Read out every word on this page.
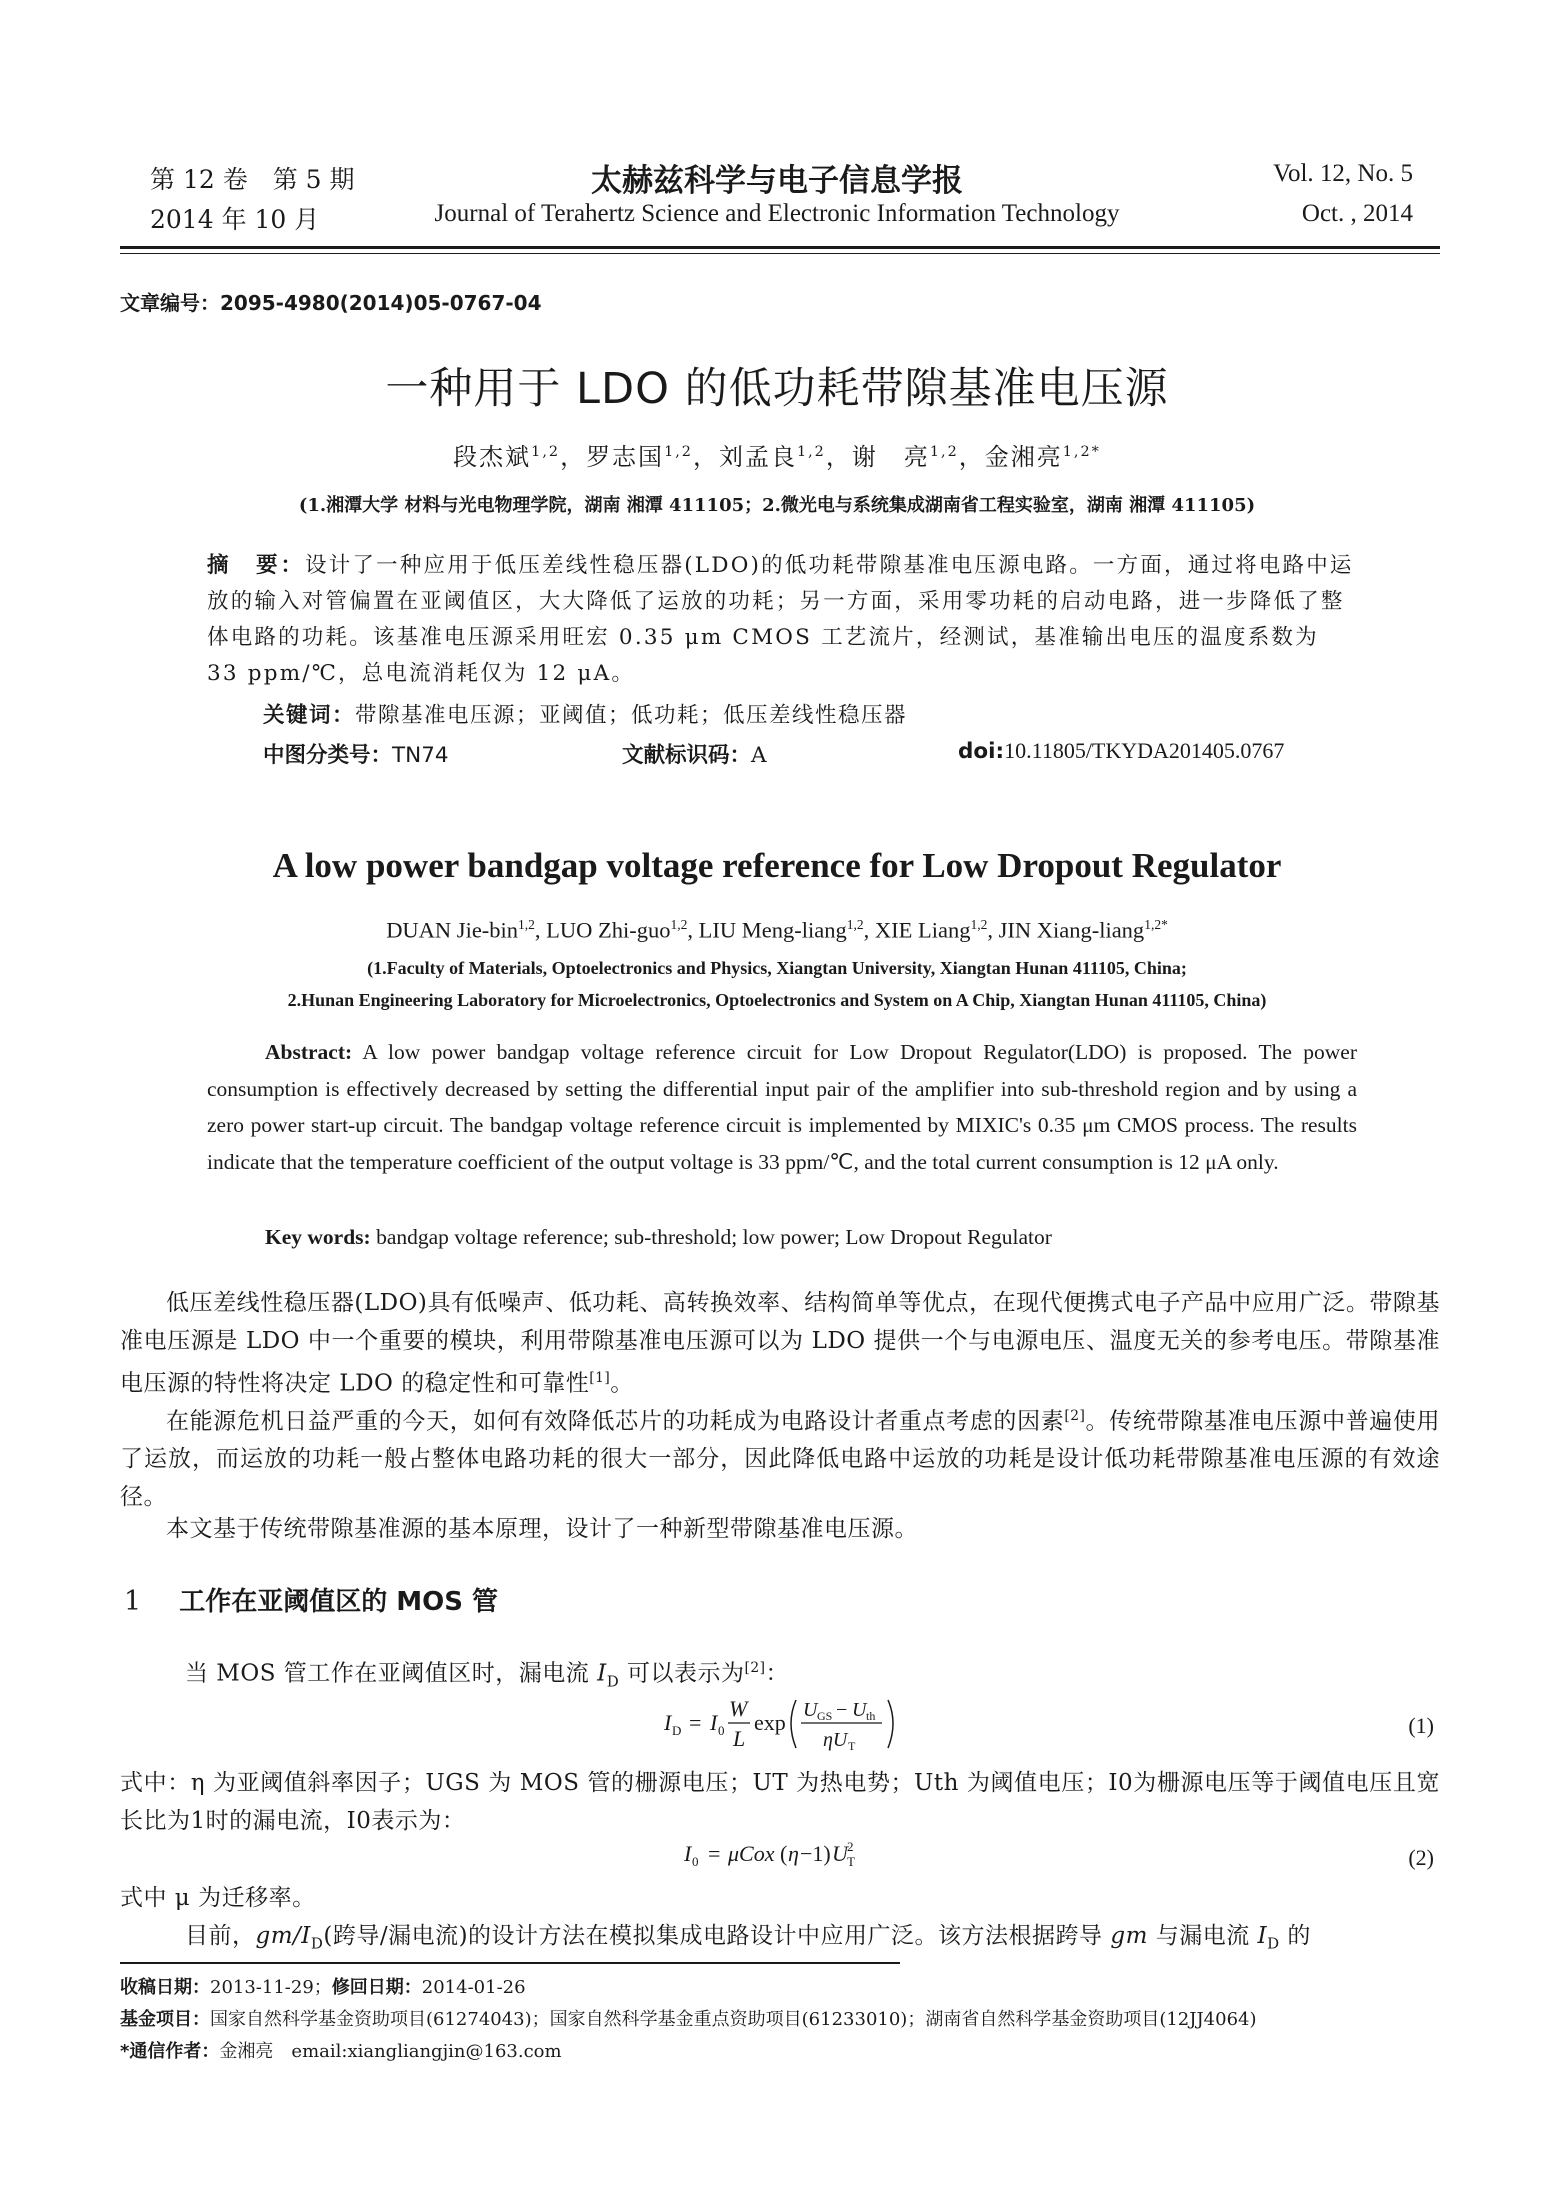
第 12 卷　第 5 期
2014 年 10 月
太赫兹科学与电子信息学报
Journal of Terahertz Science and Electronic Information Technology
Vol. 12, No. 5
Oct. , 2014
文章编号：2095-4980(2014)05-0767-04
一种用于 LDO 的低功耗带隙基准电压源
段杰斌$^{1,2}$，罗志国$^{1,2}$，刘孟良$^{1,2}$，谢　亮$^{1,2}$，金湘亮$^{1,2*}$
(1.湘潭大学 材料与光电物理学院，湖南 湘潭 411105；2.微光电与系统集成湖南省工程实验室，湖南 湘潭 411105)
摘　要：设计了一种应用于低压差线性稳压器(LDO)的低功耗带隙基准电压源电路。一方面，通过将电路中运放的输入对管偏置在亚阈值区，大大降低了运放的功耗；另一方面，采用零功耗的启动电路，进一步降低了整体电路的功耗。该基准电压源采用旺宏 0.35 μm CMOS 工艺流片，经测试，基准输出电压的温度系数为 33 ppm/℃，总电流消耗仅为 12 μA。
关键词：带隙基准电压源；亚阈值；低功耗；低压差线性稳压器
中图分类号：TN74	文献标识码：A	doi:10.11805/TKYDA201405.0767
A low power bandgap voltage reference for Low Dropout Regulator
DUAN Jie-bin$^{1,2}$, LUO Zhi-guo$^{1,2}$, LIU Meng-liang$^{1,2}$, XIE Liang$^{1,2}$, JIN Xiang-liang$^{1,2*}$
(1.Faculty of Materials, Optoelectronics and Physics, Xiangtan University, Xiangtan Hunan 411105, China;
2.Hunan Engineering Laboratory for Microelectronics, Optoelectronics and System on A Chip, Xiangtan Hunan 411105, China)
Abstract: A low power bandgap voltage reference circuit for Low Dropout Regulator(LDO) is proposed. The power consumption is effectively decreased by setting the differential input pair of the amplifier into sub-threshold region and by using a zero power start-up circuit. The bandgap voltage reference circuit is implemented by MIXIC's 0.35 μm CMOS process. The results indicate that the temperature coefficient of the output voltage is 33 ppm/℃, and the total current consumption is 12 μA only.
Key words: bandgap voltage reference; sub-threshold; low power; Low Dropout Regulator
低压差线性稳压器(LDO)具有低噪声、低功耗、高转换效率、结构简单等优点，在现代便携式电子产品中应用广泛。带隙基准电压源是 LDO 中一个重要的模块，利用带隙基准电压源可以为 LDO 提供一个与电源电压、温度无关的参考电压。带隙基准电压源的特性将决定 LDO 的稳定性和可靠性[1]。
在能源危机日益严重的今天，如何有效降低芯片的功耗成为电路设计者重点考虑的因素[2]。传统带隙基准电压源中普遍使用了运放，而运放的功耗一般占整体电路功耗的很大一部分，因此降低电路中运放的功耗是设计低功耗带隙基准电压源的有效途径。
本文基于传统带隙基准源的基本原理，设计了一种新型带隙基准电压源。
1 工作在亚阈值区的 MOS 管
当 MOS 管工作在亚阈值区时，漏电流 $I_D$ 可以表示为[2]：
I D = I 0
W
L
exp U GS − U th
ηU T
(1)
式中：η 为亚阈值斜率因子；UGS 为 MOS 管的栅源电压；UT 为热电势；Uth 为阈值电压；I0为栅源电压等于阈值电压且宽长比为1时的漏电流，I0表示为：
I 0 = μCox ( η −1) U T
2	(2)
式中 μ 为迁移率。
目前，$gm/I_D$(跨导/漏电流)的设计方法在模拟集成电路设计中应用广泛。该方法根据跨导 gm 与漏电流 $I_D$ 的
收稿日期：2013-11-29；修回日期：2014-01-26
基金项目：国家自然科学基金资助项目(61274043)；国家自然科学基金重点资助项目(61233010)；湖南省自然科学基金资助项目(12JJ4064)
*通信作者：金湘亮　email:xiangliangjin@163.com
